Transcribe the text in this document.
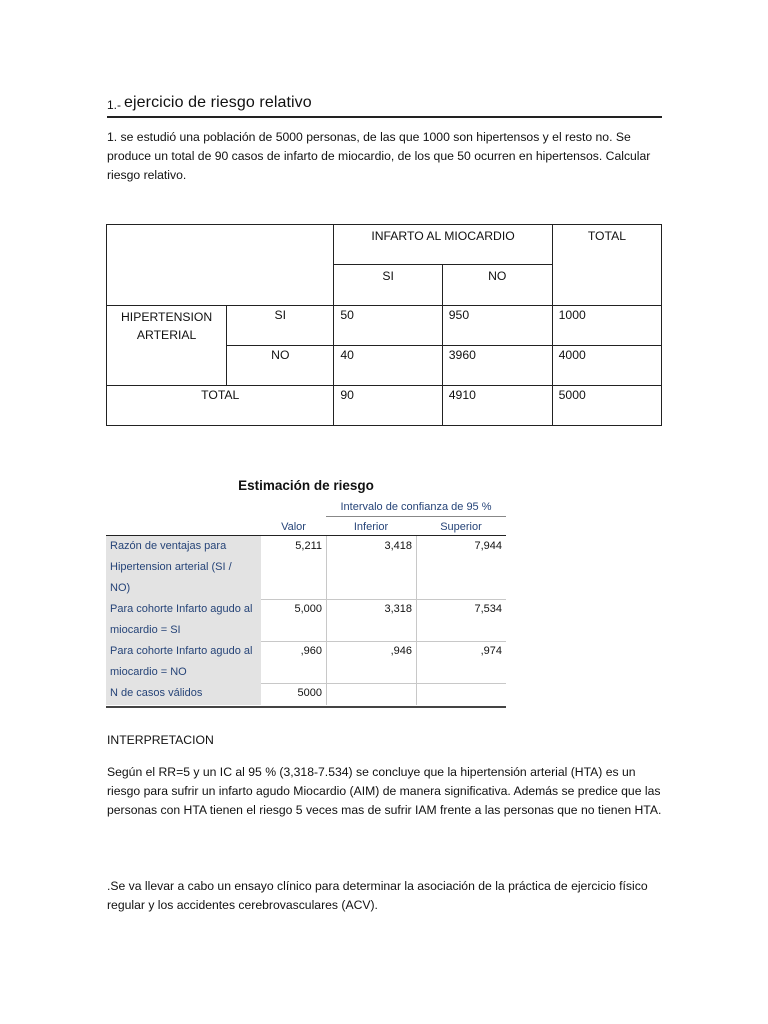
1.- ejercicio de riesgo relativo
1. se estudió una población de 5000 personas, de las que 1000 son hipertensos y el resto no. Se produce un total de 90 casos de infarto de miocardio, de los que 50 ocurren en hipertensos. Calcular riesgo relativo.
		INFARTO AL MIOCARDIO		TOTAL
		SI	NO	
HIPERTENSION ARTERIAL	SI	50	950	1000
	NO	40	3960	4000
TOTAL		90	4910	5000
Estimación de riesgo
Intervalo de confianza de 95 %
Valor	Inferior	Superior
Razón de ventajas para
Hipertension arterial (SI /
NO)
5,211	3,418	7,944
Para cohorte Infarto agudo al
miocardio = SI
5,000	3,318	7,534
Para cohorte Infarto agudo al
miocardio = NO
,960	,946	,974
N de casos válidos	5000
INTERPRETACION
Según el RR=5 y un IC al 95 % (3,318-7.534) se concluye que la hipertensión arterial (HTA) es un riesgo para sufrir un infarto agudo Miocardio (AIM) de manera significativa. Además se predice que las personas con HTA tienen el riesgo 5 veces mas de sufrir IAM frente a las personas que no tienen HTA.
.Se va llevar a cabo un ensayo clínico para determinar la asociación de la práctica de ejercicio físico regular y los accidentes cerebrovasculares (ACV).
